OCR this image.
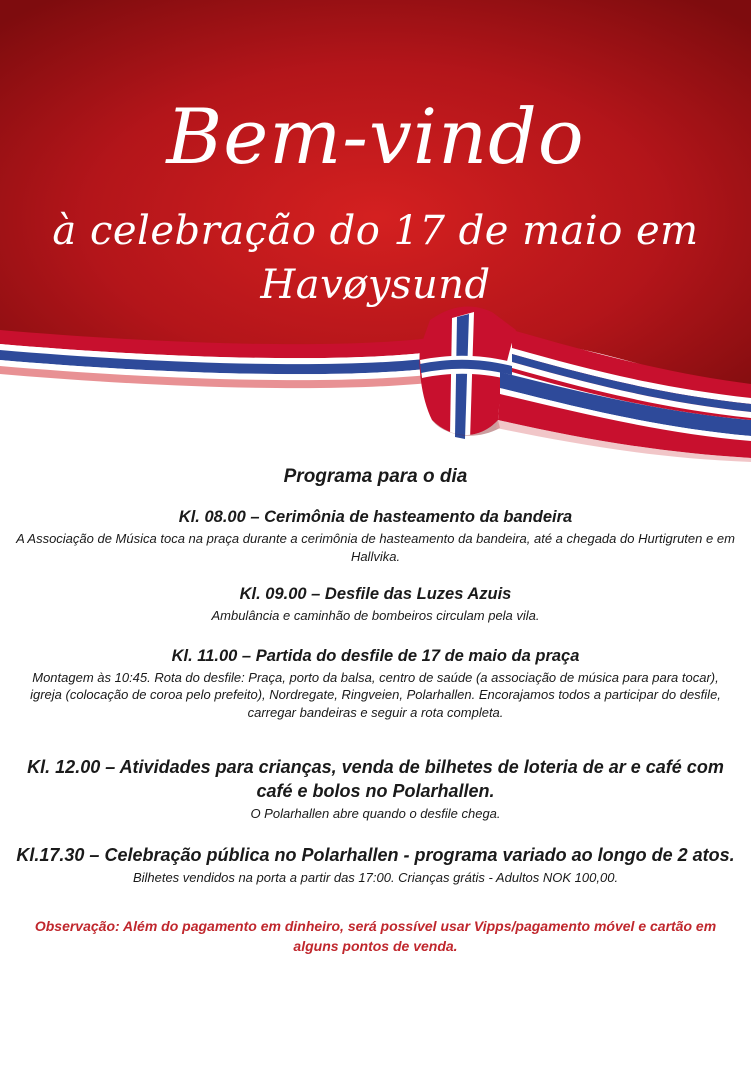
Bem-vindo

à celebração do 17 de maio em

Havøysund

Programa para o dia

Kl. 08.00 – Cerimônia de hasteamento da bandeira

A Associação de Música toca na praça durante a cerimônia de hasteamento da bandeira, até a chegada do Hurtigruten e em Hallvika.

Kl. 09.00 – Desfile das Luzes Azuis

Ambulância e caminhão de bombeiros circulam pela vila.

Kl. 11.00 – Partida do desfile de 17 de maio da praça

Montagem às 10:45. Rota do desfile: Praça, porto da balsa, centro de saúde (a associação de música para para tocar), igreja (colocação de coroa pelo prefeito), Nordregate, Ringveien, Polarhallen. Encorajamos todos a participar do desfile, carregar bandeiras e seguir a rota completa.

Kl. 12.00 – Atividades para crianças, venda de bilhetes de loteria de ar e café com café e bolos no Polarhallen.

O Polarhallen abre quando o desfile chega.

Kl.17.30 – Celebração pública no Polarhallen - programa variado ao longo de 2 atos.

Bilhetes vendidos na porta a partir das 17:00. Crianças grátis - Adultos NOK 100,00.

Observação: Além do pagamento em dinheiro, será possível usar Vipps/pagamento móvel e cartão em alguns pontos de venda.
